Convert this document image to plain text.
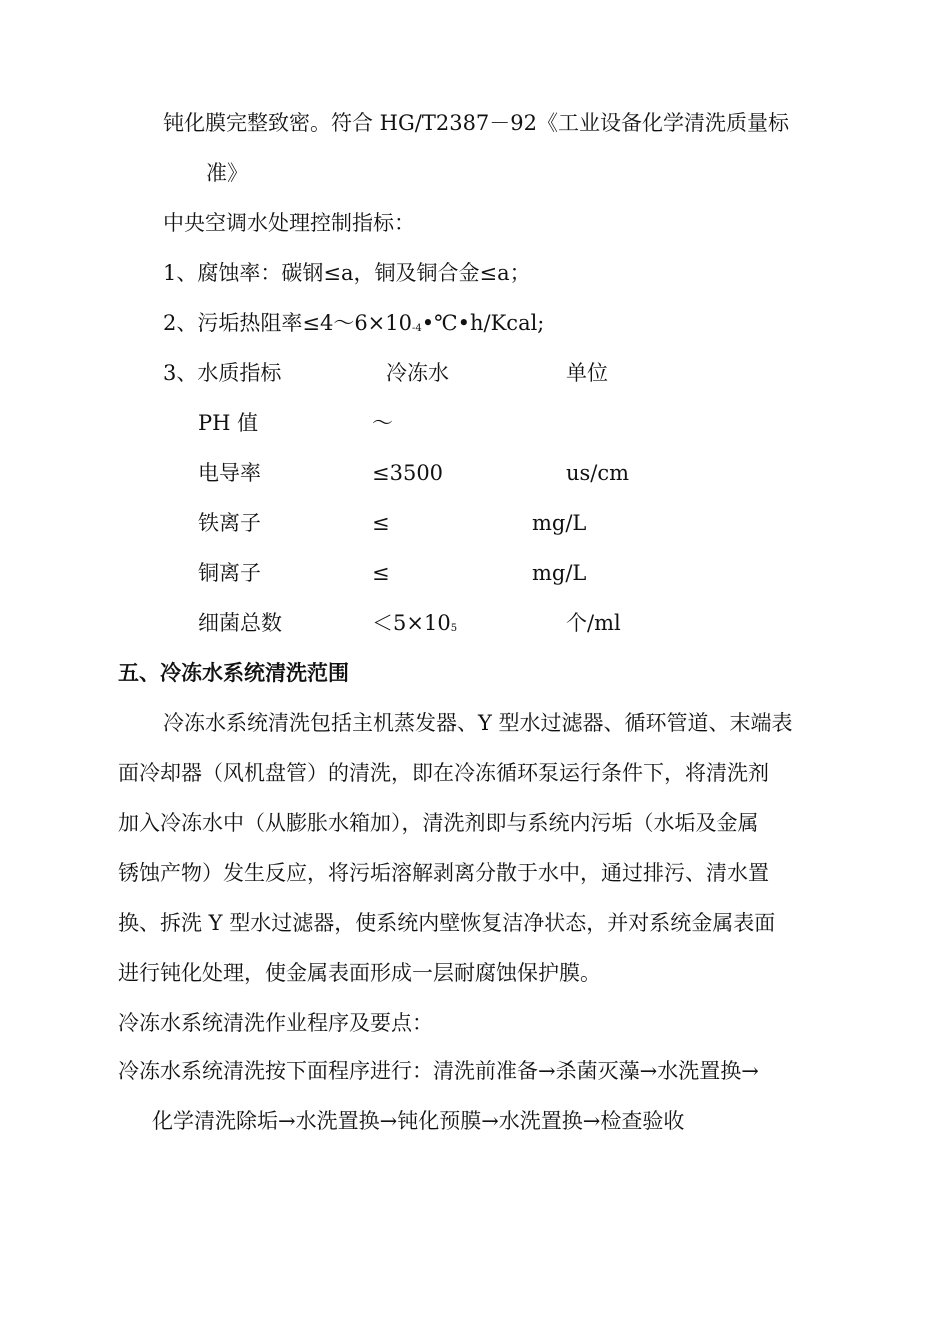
钝化膜完整致密。符合 HG/T2387－92《工业设备化学清洗质量标
准》
中央空调水处理控制指标：
1、腐蚀率：碳钢≤a，铜及铜合金≤a；
2、污垢热阻率≤4～6×10-4•℃•h/Kcal;
3、水质指标	冷冻水	单位
PH 值	～
电导率	≤3500	us/cm
铁离子	≤	mg/L
铜离子	≤	mg/L
细菌总数	＜5×105	个/ml
五、冷冻水系统清洗范围
冷冻水系统清洗包括主机蒸发器、Y 型水过滤器、循环管道、末端表
面冷却器（风机盘管）的清洗，即在冷冻循环泵运行条件下，将清洗剂
加入冷冻水中（从膨胀水箱加），清洗剂即与系统内污垢（水垢及金属
锈蚀产物）发生反应，将污垢溶解剥离分散于水中，通过排污、清水置
换、拆洗 Y 型水过滤器，使系统内壁恢复洁净状态，并对系统金属表面
进行钝化处理，使金属表面形成一层耐腐蚀保护膜。
冷冻水系统清洗作业程序及要点：
冷冻水系统清洗按下面程序进行：清洗前准备→杀菌灭藻→水洗置换→
化学清洗除垢→水洗置换→钝化预膜→水洗置换→检查验收
